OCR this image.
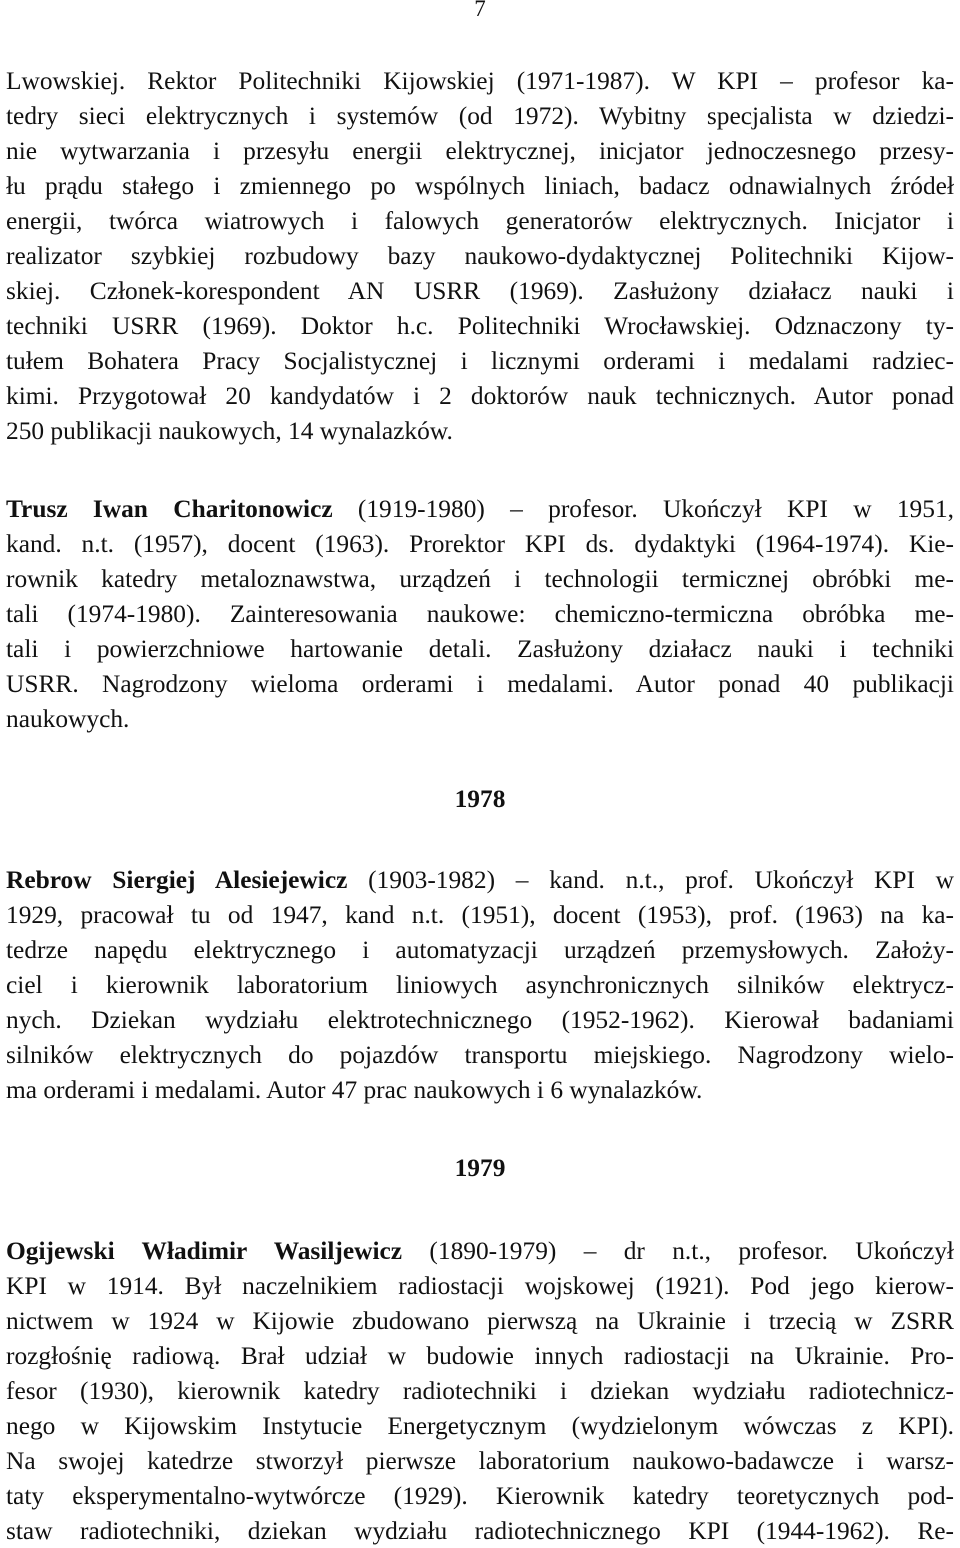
7
Lwowskiej. Rektor Politechniki Kijowskiej (1971-1987). W KPI – profesor ka-
tedry sieci elektrycznych i systemów (od 1972). Wybitny specjalista w dziedzi-
nie wytwarzania i przesyłu energii elektrycznej, inicjator jednoczesnego przesy-
łu prądu stałego i zmiennego po wspólnych liniach, badacz odnawialnych źródeł
energii, twórca wiatrowych i falowych generatorów elektrycznych. Inicjator i
realizator szybkiej rozbudowy bazy naukowo-dydaktycznej Politechniki Kijow-
skiej. Członek-korespondent AN USRR (1969). Zasłużony działacz nauki i
techniki USRR (1969). Doktor h.c. Politechniki Wrocławskiej. Odznaczony ty-
tułem Bohatera Pracy Socjalistycznej i licznymi orderami i medalami radziec-
kimi. Przygotował 20 kandydatów i 2 doktorów nauk technicznych. Autor ponad
250 publikacji naukowych, 14 wynalazków.
Trusz Iwan Charitonowicz (1919-1980) – profesor. Ukończył KPI w 1951,
kand. n.t. (1957), docent (1963). Prorektor KPI ds. dydaktyki (1964-1974). Kie-
rownik katedry metaloznawstwa, urządzeń i technologii termicznej obróbki me-
tali (1974-1980). Zainteresowania naukowe: chemiczno-termiczna obróbka me-
tali i powierzchniowe hartowanie detali. Zasłużony działacz nauki i techniki
USRR. Nagrodzony wieloma orderami i medalami. Autor ponad 40 publikacji
naukowych.
1978
Rebrow Siergiej Alesiejewicz (1903-1982) – kand. n.t., prof. Ukończył KPI w
1929, pracował tu od 1947, kand n.t. (1951), docent (1953), prof. (1963) na ka-
tedrze napędu elektrycznego i automatyzacji urządzeń przemysłowych. Założy-
ciel i kierownik laboratorium liniowych asynchronicznych silników elektrycz-
nych. Dziekan wydziału elektrotechnicznego (1952-1962). Kierował badaniami
silników elektrycznych do pojazdów transportu miejskiego. Nagrodzony wielo-
ma orderami i medalami. Autor 47 prac naukowych i 6 wynalazków.
1979
Ogijewski Władimir Wasiljewicz (1890-1979) – dr n.t., profesor. Ukończył
KPI w 1914. Był naczelnikiem radiostacji wojskowej (1921). Pod jego kierow-
nictwem w 1924 w Kijowie zbudowano pierwszą na Ukrainie i trzecią w ZSRR
rozgłośnię radiową. Brał udział w budowie innych radiostacji na Ukrainie. Pro-
fesor (1930), kierownik katedry radiotechniki i dziekan wydziału radiotechnicz-
nego w Kijowskim Instytucie Energetycznym (wydzielonym wówczas z KPI).
Na swojej katedrze stworzył pierwsze laboratorium naukowo-badawcze i warsz-
taty eksperymentalno-wytwórcze (1929). Kierownik katedry teoretycznych pod-
staw radiotechniki, dziekan wydziału radiotechnicznego KPI (1944-1962). Re-
